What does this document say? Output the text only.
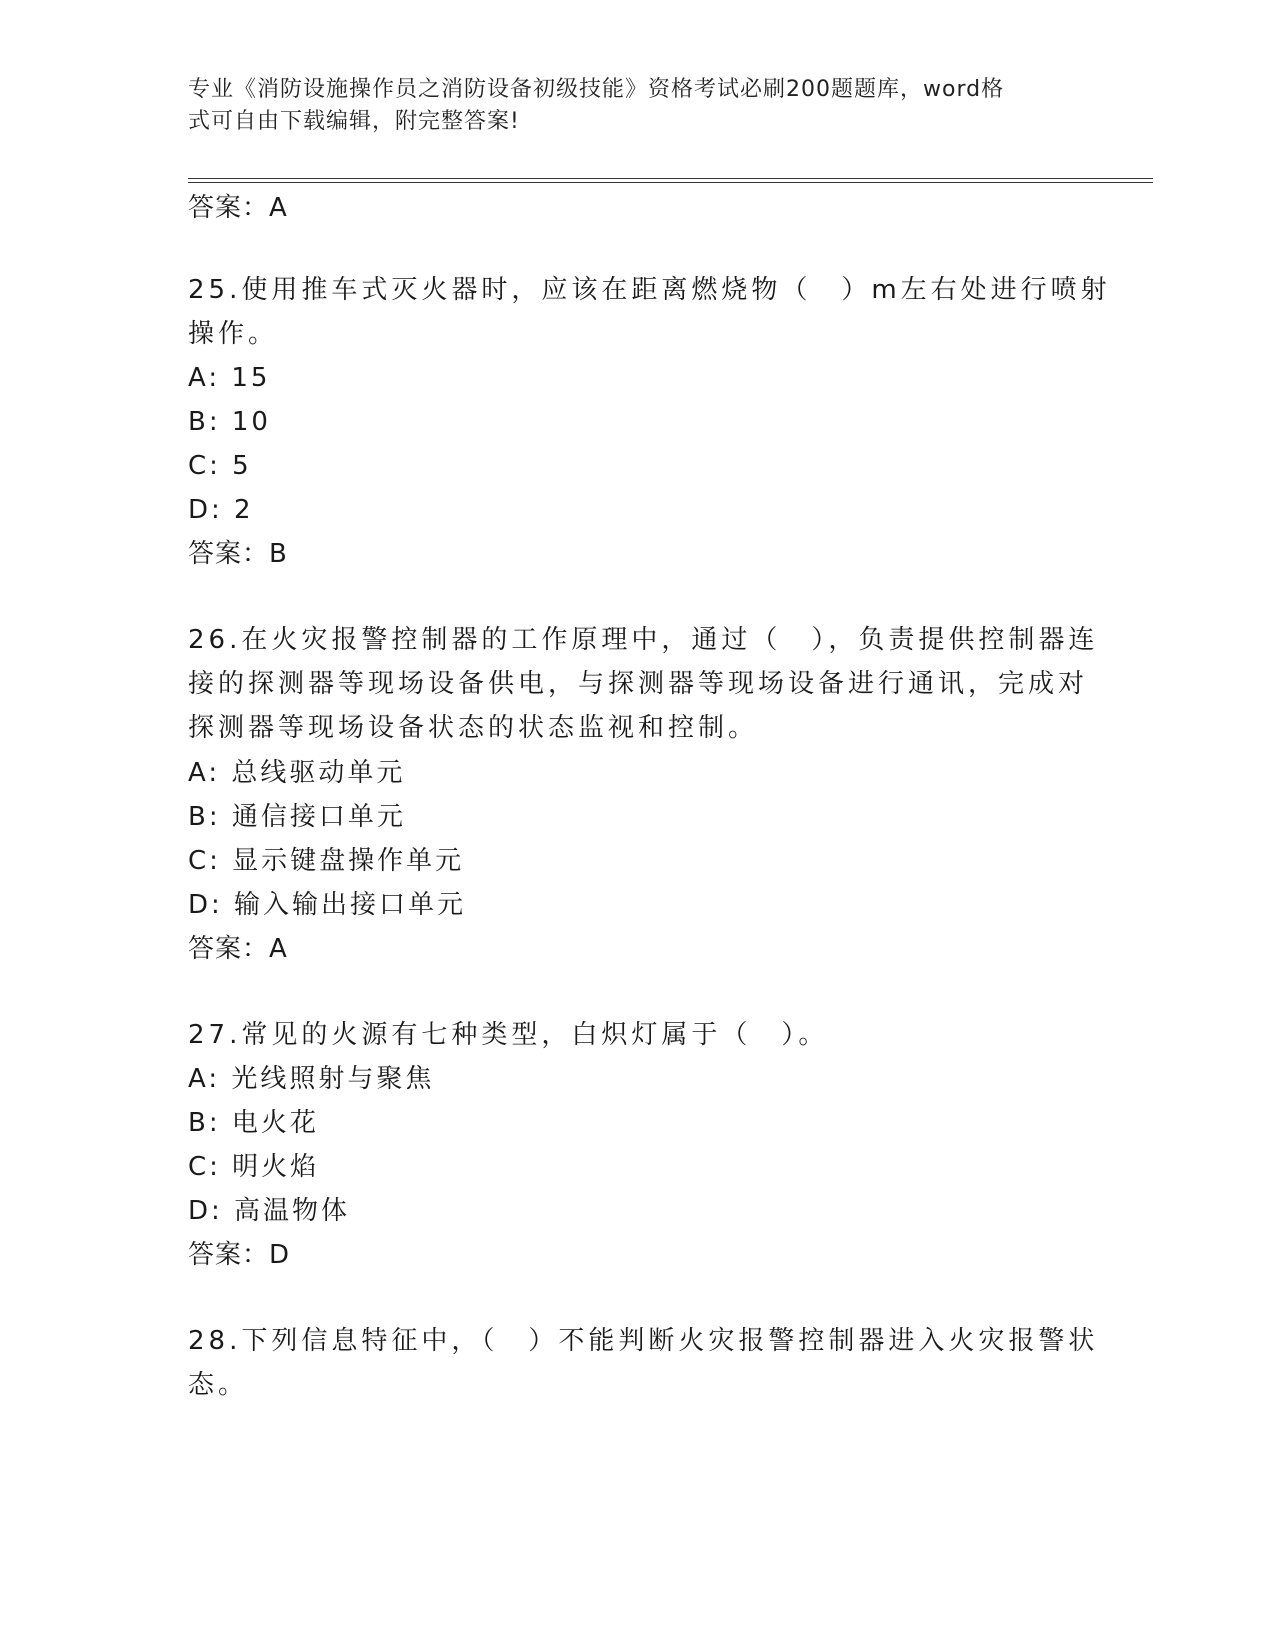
专业《消防设施操作员之消防设备初级技能》资格考试必刷200题题库，word格
式可自由下载编辑，附完整答案!
答案：A
25.使用推车式灭火器时，应该在距离燃烧物（　）m左右处进行喷射
操作。
A: 15
B: 10
C: 5
D: 2
答案：B
26.在火灾报警控制器的工作原理中，通过（　），负责提供控制器连
接的探测器等现场设备供电，与探测器等现场设备进行通讯，完成对
探测器等现场设备状态的状态监视和控制。
A: 总线驱动单元
B: 通信接口单元
C: 显示键盘操作单元
D: 输入输出接口单元
答案：A
27.常见的火源有七种类型，白炽灯属于（　）。
A: 光线照射与聚焦
B: 电火花
C: 明火焰
D: 高温物体
答案：D
28.下列信息特征中，（　）不能判断火灾报警控制器进入火灾报警状
态。
